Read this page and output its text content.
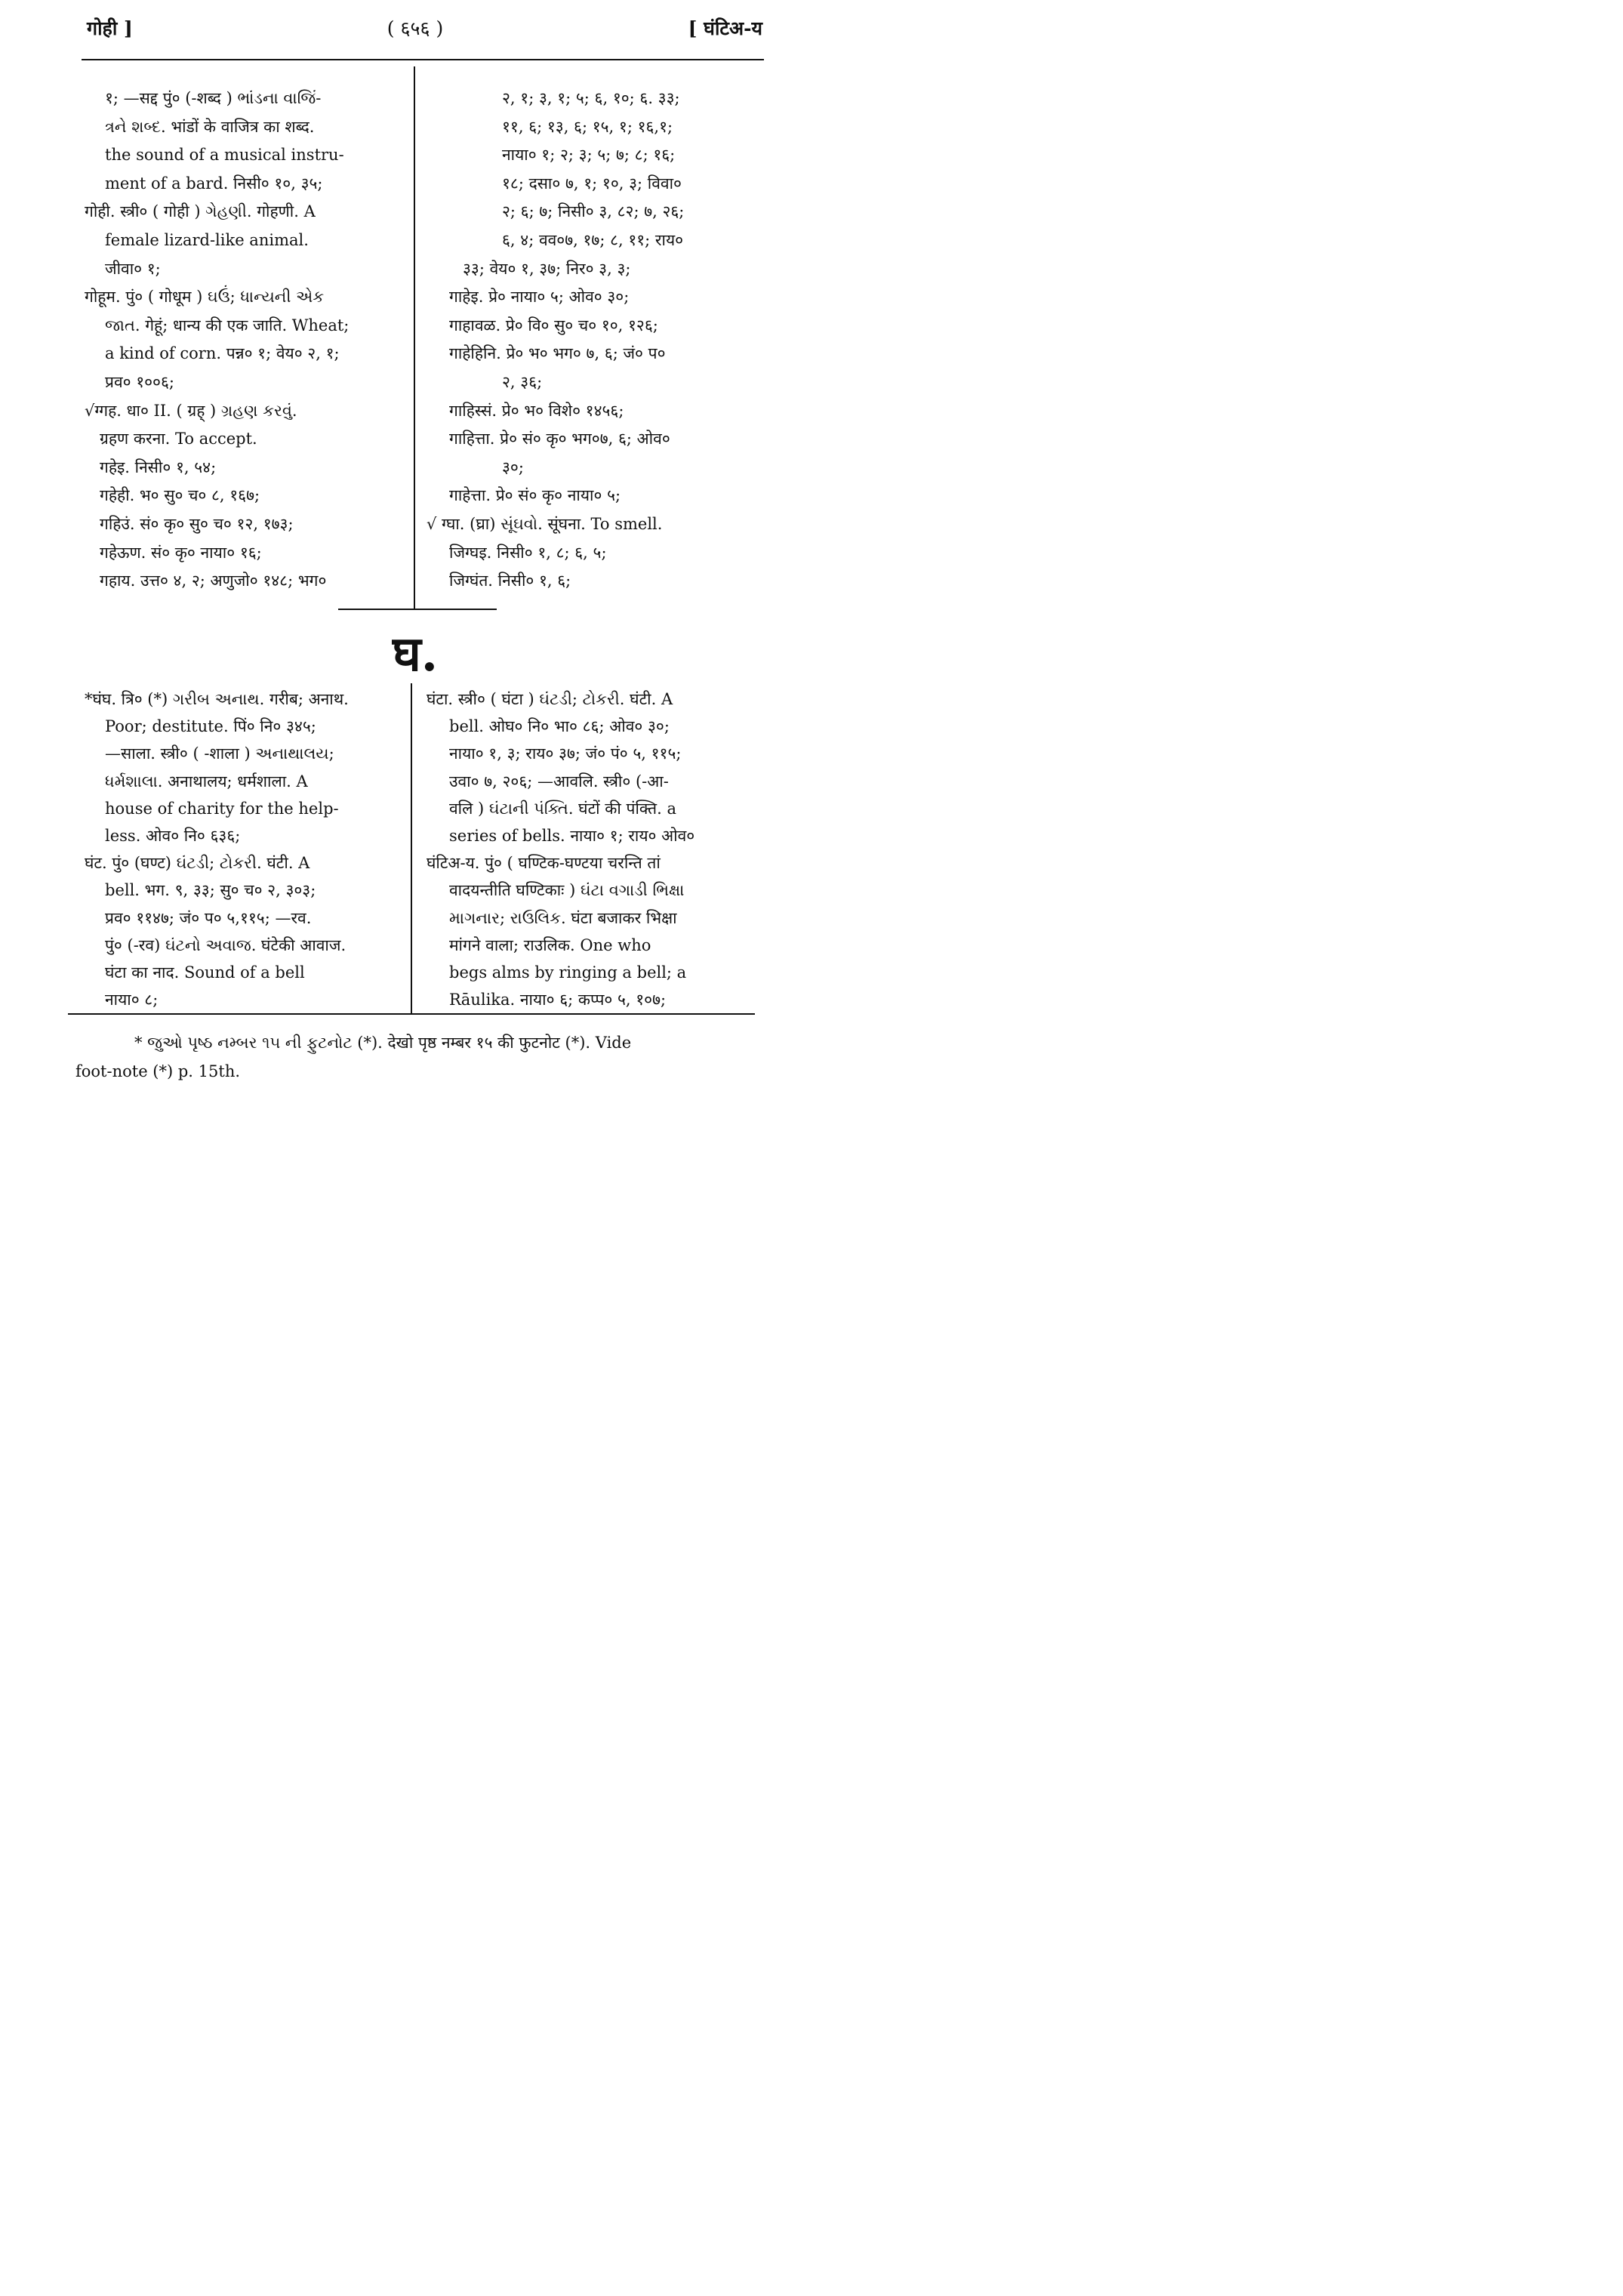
गोही ]	( ६५६ )	[ घंटिअ-य
१; —सद्द पुं० (-शब्द ) ભાંડના વાજિં-
ત્રને શબ્દ. भांडों के वाजित्र का शब्द.
the sound of a musical instru-
ment of a bard. निसी० १०, ३५;
गोही. स्त्री० ( गोही ) ગેહણી. गोहणी. A
female lizard-like animal.
जीवा० १;
गोहूम. पुं० ( गोधूम ) ઘઉં; ધાન્યની એક
જાત. गेहूं; धान्य की एक जाति. Wheat;
a kind of corn. पन्न० १; वेय० २, १;
प्रव० १००६;
√ग्गह. धा० II. ( ग्रह् ) ગ્રહણ કરવું.
ग्रहण करना. To accept.
गहेइ. निसी० १, ५४;
गहेही. भ० सु० च० ८, १६७;
गहिउं. सं० कृ० सु० च० १२, १७३;
गहेऊण. सं० कृ० नाया० १६;
गहाय. उत्त० ४, २; अणुजो० १४८; भग०
२, १; ३, १; ५; ६, १०; ६. ३३;
११, ६; १३, ६; १५, १; १६,१;
नाया० १; २; ३; ५; ७; ८; १६;
१८; दसा० ७, १; १०, ३; विवा०
२; ६; ७; निसी० ३, ८२; ७, २६;
६, ४; वव०७, १७; ८, ११; राय०
३३; वेय० १, ३७; निर० ३, ३;
गाहेइ. प्रे० नाया० ५; ओव० ३०;
गाहावळ. प्रे० वि० सु० च० १०, १२६;
गाहेहिनि. प्रे० भ० भग० ७, ६; जं० प०
२, ३६;
गाहिस्सं. प्रे० भ० विशे० १४५६;
गाहित्ता. प्रे० सं० कृ० भग०७, ६; ओव०
३०;
गाहेत्ता. प्रे० सं० कृ० नाया० ५;
√ ग्घा. (घ्रा) સૂંઘવો. सूंघना. To smell.
जिग्घइ. निसी० १, ८; ६, ५;
जिग्घंत. निसी० १, ६;
घ.
*घंघ. त्रि० (*) ગરીબ અનાથ. गरीब; अनाथ.
Poor; destitute. पिं० नि० ३४५;
—साला. स्त्री० ( -शाला ) અનાથાલય;
ધર્મશાલા. अनाथालय; धर्मशाला. A
house of charity for the help-
less. ओव० नि० ६३६;
घंट. पुं० (घण्ट) ઘંટડી; ટોકરી. घंटी. A
bell. भग. ९, ३३; सु० च० २, ३०३;
प्रव० ११४७; जं० प० ५,११५; —रव.
पुं० (-रव) ઘંટનો અવાજ. घंटेकी आवाज.
घंटा का नाद. Sound of a bell
नाया० ८;
घंटा. स्त्री० ( घंटा ) ઘંટડી; ટોકરી. घंटी. A
bell. ओघ० नि० भा० ८६; ओव० ३०;
नाया० १, ३; राय० ३७; जं० पं० ५, ११५;
उवा० ७, २०६; —आवलि. स्त्री० (-आ-
वलि ) ઘંટાની પંક્તિ. घंटों की पंक्ति. a
series of bells. नाया० १; राय० ओव०
घंटिअ-य. पुं० ( घण्टिक-घण्टया चरन्ति तां
वादयन्तीति घण्टिकाः ) ઘંટા વગાડી ભિક્ષા
માગનાર; રાઉલિક. घंटा बजाकर भिक्षा
मांगने वाला; राउलिक. One who
begs alms by ringing a bell; a
Rāulika. नाया० ६; कप्प० ५, १०७;
* જુઓ પૃષ્ઠ નમ્બર ૧૫ ની ફુટનોટ (*). देखो पृष्ठ नम्बर १५ की फुटनोट (*). Vide
foot-note (*) p. 15th.
